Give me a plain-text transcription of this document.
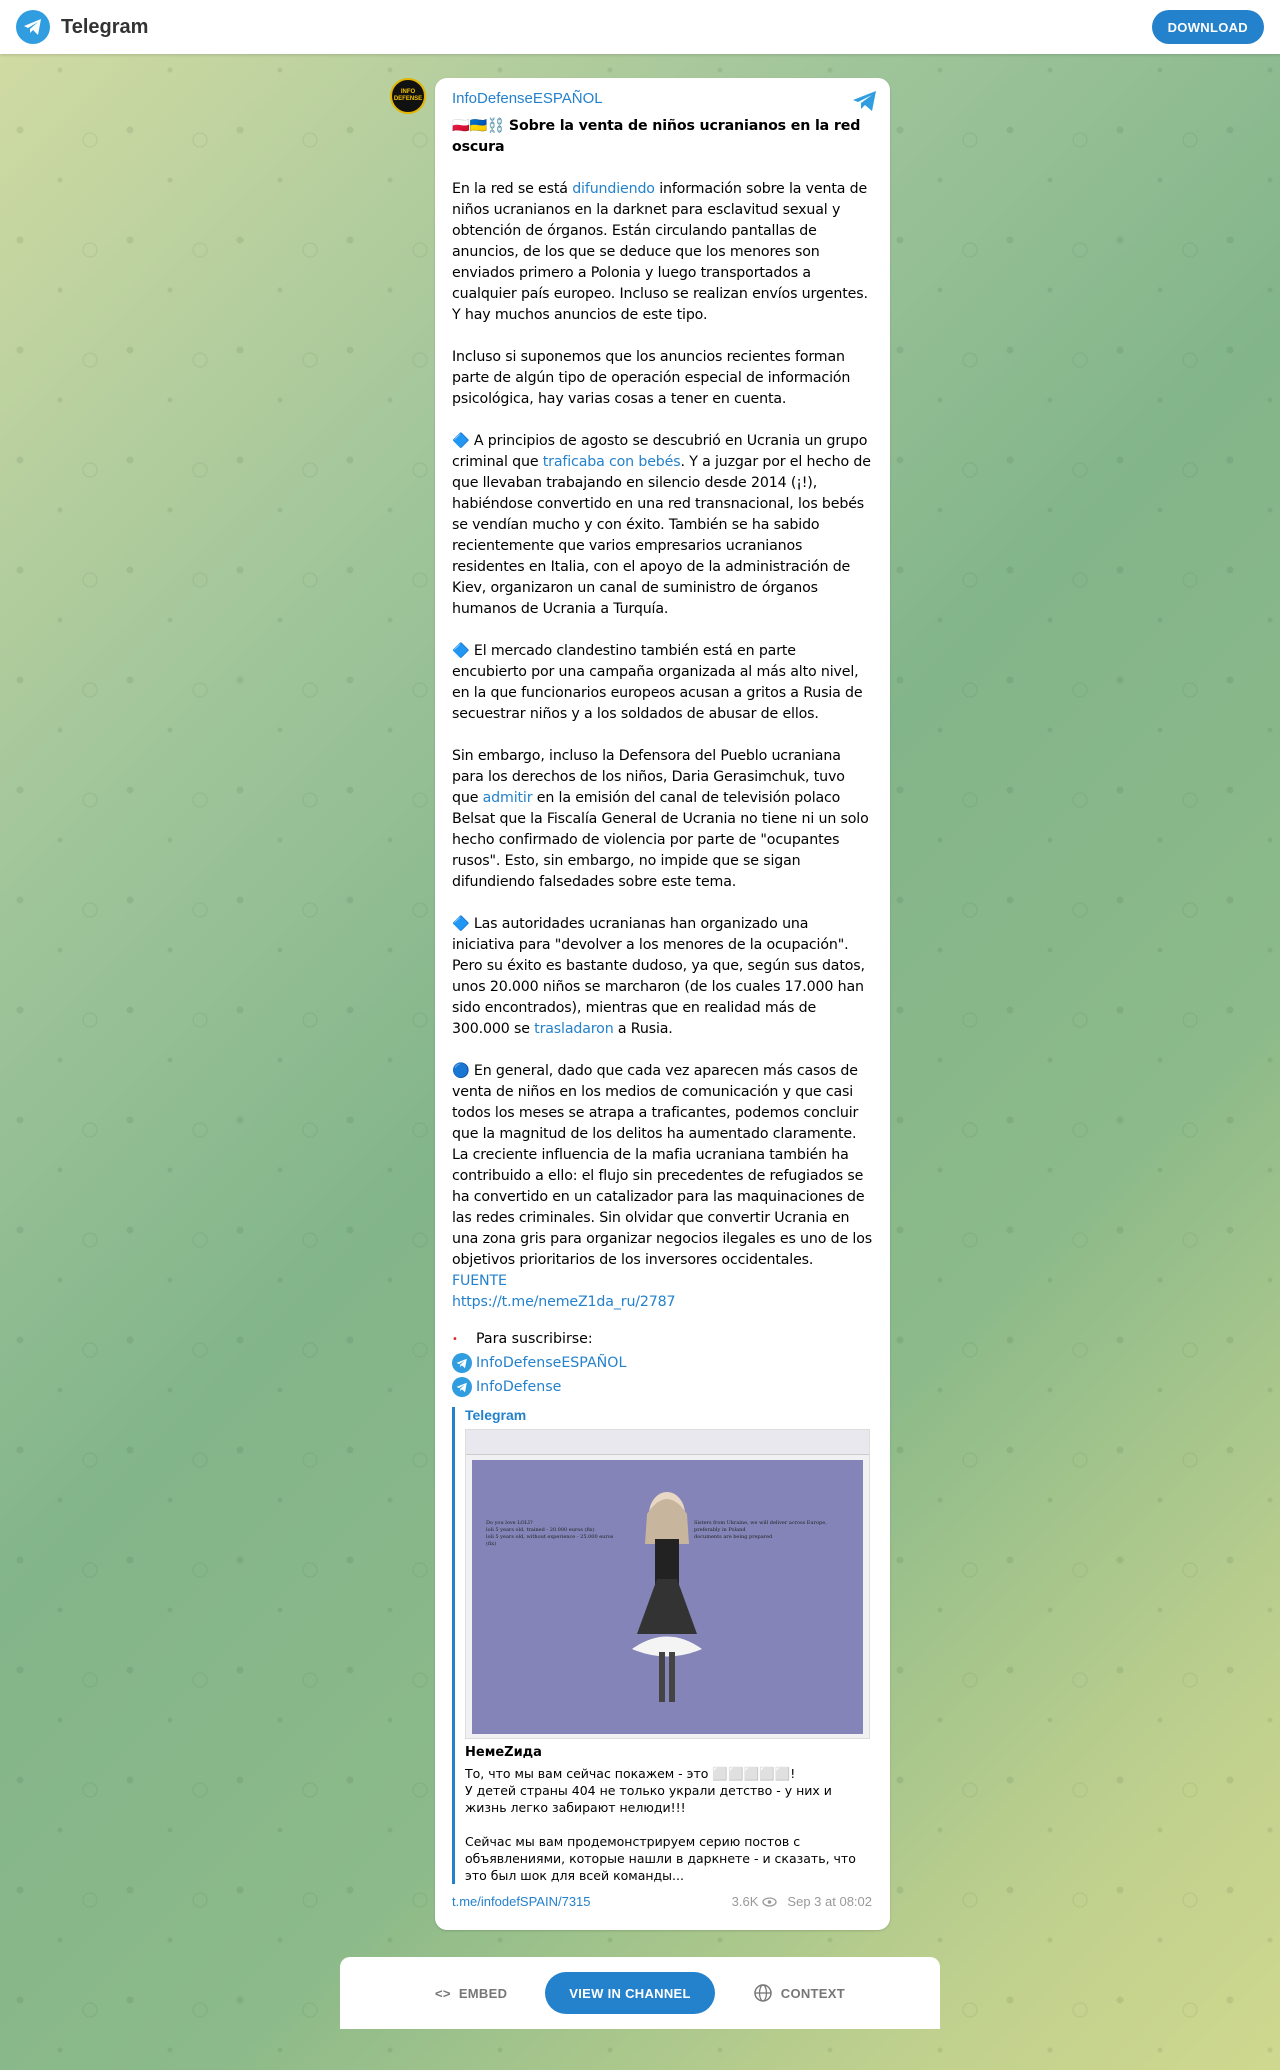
Telegram	DOWNLOAD
INFO
DEFENSE InfoDefenseESPAÑOL
🇵🇱🇺🇦⛓️ Sobre la venta de niños ucranianos en la red oscura

En la red se está difundiendo información sobre la venta de niños ucranianos en la darknet para esclavitud sexual y obtención de órganos. Están circulando pantallas de anuncios, de los que se deduce que los menores son enviados primero a Polonia y luego transportados a cualquier país europeo. Incluso se realizan envíos urgentes. Y hay muchos anuncios de este tipo.

Incluso si suponemos que los anuncios recientes forman parte de algún tipo de operación especial de información psicológica, hay varias cosas a tener en cuenta.

🔷 A principios de agosto se descubrió en Ucrania un grupo criminal que traficaba con bebés. Y a juzgar por el hecho de que llevaban trabajando en silencio desde 2014 (¡!), habiéndose convertido en una red transnacional, los bebés se vendían mucho y con éxito. También se ha sabido recientemente que varios empresarios ucranianos residentes en Italia, con el apoyo de la administración de Kiev, organizaron un canal de suministro de órganos humanos de Ucrania a Turquía.

🔷 El mercado clandestino también está en parte encubierto por una campaña organizada al más alto nivel, en la que funcionarios europeos acusan a gritos a Rusia de secuestrar niños y a los soldados de abusar de ellos.

Sin embargo, incluso la Defensora del Pueblo ucraniana para los derechos de los niños, Daria Gerasimchuk, tuvo que admitir en la emisión del canal de televisión polaco Belsat que la Fiscalía General de Ucrania no tiene ni un solo hecho confirmado de violencia por parte de "ocupantes rusos". Esto, sin embargo, no impide que se sigan difundiendo falsedades sobre este tema.

🔷 Las autoridades ucranianas han organizado una iniciativa para "devolver a los menores de la ocupación". Pero su éxito es bastante dudoso, ya que, según sus datos, unos 20.000 niños se marcharon (de los cuales 17.000 han sido encontrados), mientras que en realidad más de 300.000 se trasladaron a Rusia.

🔵 En general, dado que cada vez aparecen más casos de venta de niños en los medios de comunicación y que casi todos los meses se atrapa a traficantes, podemos concluir que la magnitud de los delitos ha aumentado claramente. La creciente influencia de la mafia ucraniana también ha contribuido a ello: el flujo sin precedentes de refugiados se ha convertido en un catalizador para las maquinaciones de las redes criminales. Sin olvidar que convertir Ucrania en una zona gris para organizar negocios ilegales es uno de los objetivos prioritarios de los inversores occidentales.
FUENTE
https://t.me/nemeZ1da_ru/2787

•	Para suscribirse:
InfoDefenseESPAÑOL
InfoDefense
Telegram
Do you love LOLI?
loli 5 years old, trained - 20.000 euros (fix)
loli 5 years old, without experience - 25.000 euros (fix)
Sisters from Ukraine, we will deliver across Europe,
preferably in Poland
documents are being prepared
НемеZида
То, что мы вам сейчас покажем - это ⬜⬜⬜⬜⬜!
У детей страны 404 не только украли детство - у них и жизнь легко забирают нелюди!!!

Сейчас мы вам продемонстрируем серию постов с объявлениями, которые нашли в даркнете - и сказать, что это был шок для всей команды...
t.me/infodefSPAIN/7315	3.6K Sep 3 at 08:02
<> EMBED	VIEW IN CHANNEL	CONTEXT
